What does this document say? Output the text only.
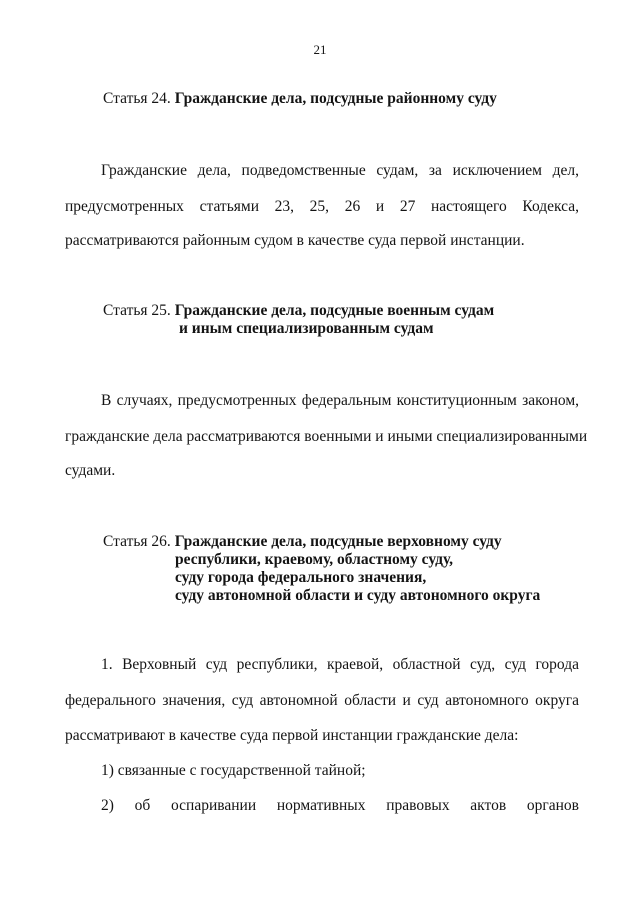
21
Статья 24. Гражданские дела, подсудные районному суду
Гражданские дела, подведомственные судам, за исключением дел,
предусмотренных статьями 23, 25, 26 и 27 настоящего Кодекса,
рассматриваются районным судом в качестве суда первой инстанции.
Статья 25. Гражданские дела, подсудные военным судам
и иным специализированным судам
В случаях, предусмотренных федеральным конституционным законом,
гражданские дела рассматриваются военными и иными специализированными
судами.
Статья 26. Гражданские дела, подсудные верховному суду
республики, краевому, областному суду,
суду города федерального значения,
суду автономной области и суду автономного округа
1. Верховный суд республики, краевой, областной суд, суд города
федерального значения, суд автономной области и суд автономного округа
рассматривают в качестве суда первой инстанции гражданские дела:
1) связанные с государственной тайной;
2) об оспаривании нормативных правовых актов органов
